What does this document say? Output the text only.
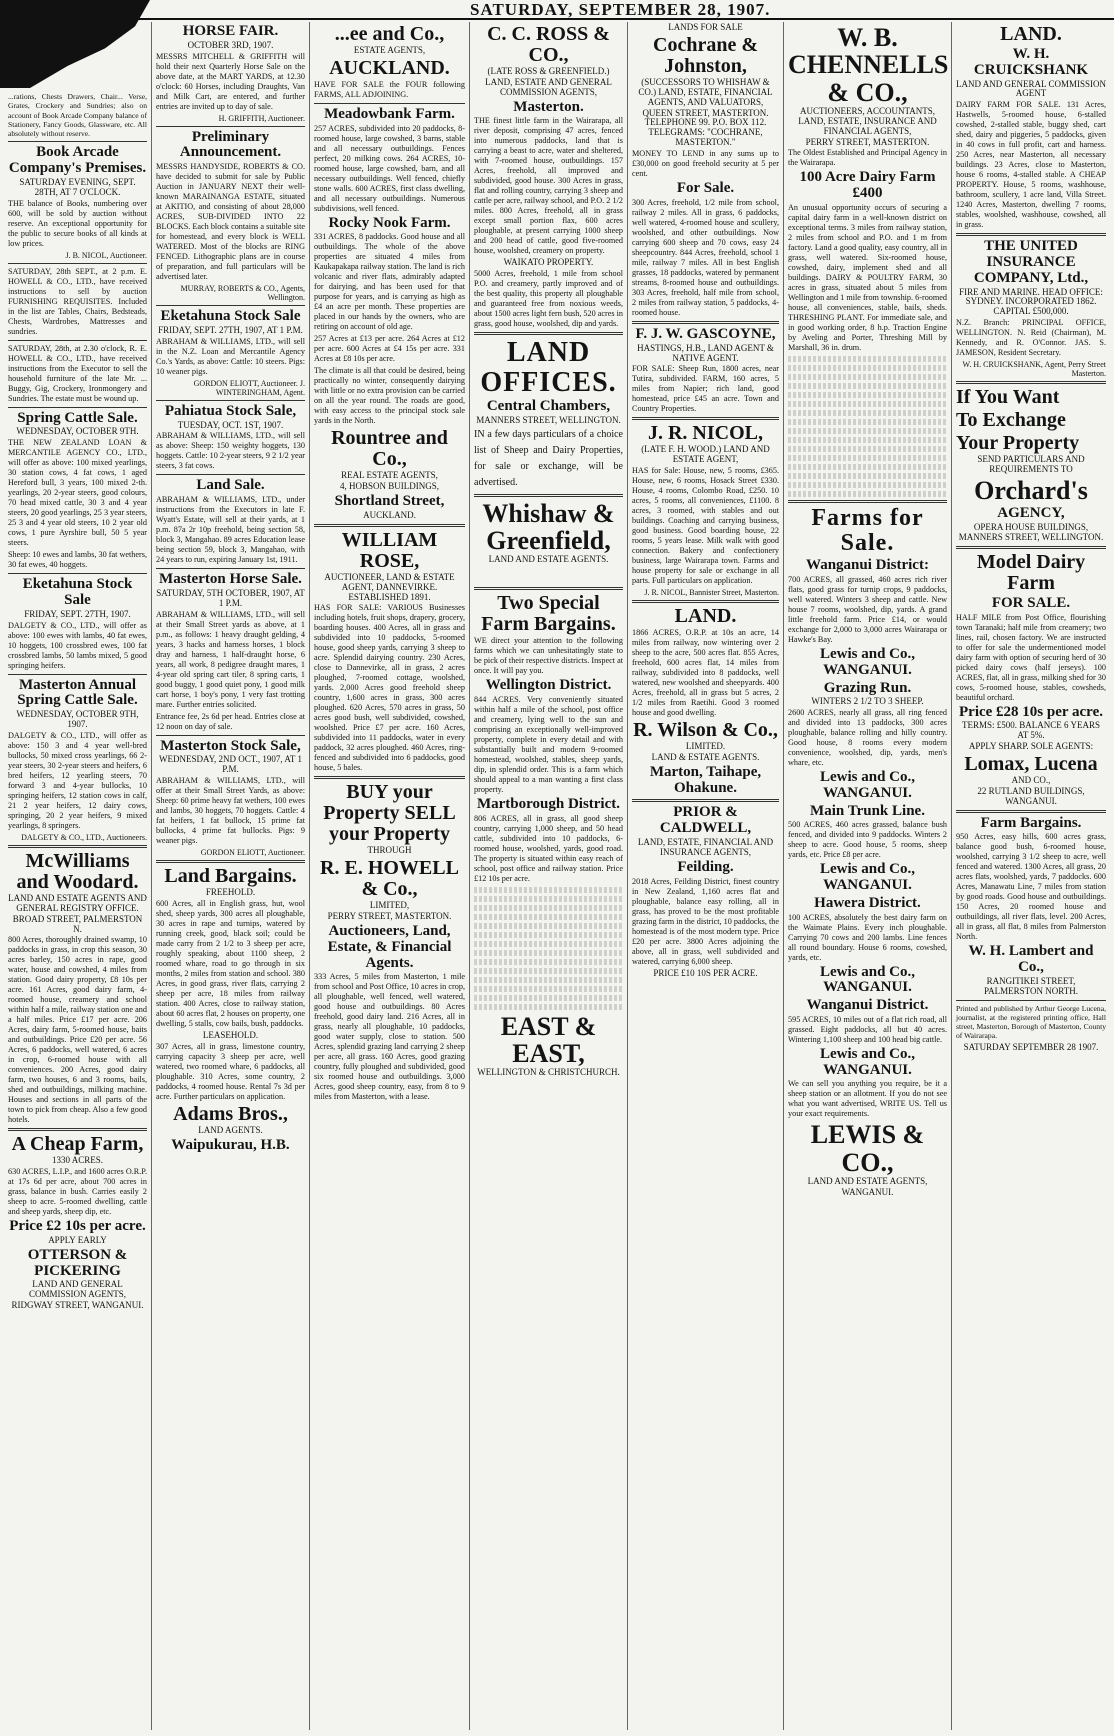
SATURDAY, SEPTEMBER 28, 1907.

...rations, Chests Drawers, Chair... Verse, Grates, Crockery and Sundries; also on account of Book Arcade Company balance of Stationery, Fancy Goods, Glassware, etc. All absolutely without reserve.

Book Arcade Company's Premises.
SATURDAY EVENING, SEPT. 28TH, AT 7 O'CLOCK.

THE balance of Books, numbering over 600, will be sold by auction without reserve. An exceptional opportunity for the public to secure books of all kinds at low prices.

J. B. NICOL, Auctioneer.

SATURDAY, 28th SEPT., at 2 p.m. E. HOWELL & CO., LTD., have received instructions to sell by auction FURNISHING REQUISITES. Included in the list are Tables, Chairs, Bedsteads, Chests, Wardrobes, Mattresses and sundries.

SATURDAY, 28th, at 2.30 o'clock, R. E. HOWELL & CO., LTD., have received instructions from the Executor to sell the household furniture of the late Mr. ... Buggy, Gig, Crockery, Ironmongery and Sundries. The estate must be wound up.

Spring Cattle Sale.
WEDNESDAY, OCTOBER 9TH.

THE NEW ZEALAND LOAN & MERCANTILE AGENCY CO., LTD., will offer as above: 100 mixed yearlings, 30 station cows, 4 fat cows, 1 aged Hereford bull, 3 years, 100 mixed 2-th. yearlings, 20 2-year steers, good colours, 70 head mixed cattle, 30 3 and 4 year steers, 20 good yearlings, 25 3 year steers, 25 3 and 4 year old steers, 10 2 year old cows, 1 pure Ayrshire bull, 50 5 year steers.

Sheep: 10 ewes and lambs, 30 fat wethers, 30 fat ewes, 40 hoggets.

Eketahuna Stock Sale
FRIDAY, SEPT. 27TH, 1907.

DALGETY & CO., LTD., will offer as above: 100 ewes with lambs, 40 fat ewes, 10 hoggets, 100 crossbred ewes, 100 fat crossbred lambs, 50 lambs mixed, 5 good springing heifers.

Masterton Annual Spring Cattle Sale.
WEDNESDAY, OCTOBER 9TH, 1907.

DALGETY & CO., LTD., will offer as above: 150 3 and 4 year well-bred bullocks, 50 mixed cross yearlings, 66 2-year steers, 30 2-year steers and heifers, 6 bred heifers, 12 yearling steers, 70 forward 3 and 4-year bullocks, 10 springing heifers, 12 station cows in calf, 21 2 year heifers, 12 dairy cows, springing, 20 2 year heifers, 9 mixed yearlings, 8 springers.

DALGETY & CO., LTD., Auctioneers.
McWilliams and Woodard.
LAND AND ESTATE AGENTS AND GENERAL REGISTRY OFFICE.
BROAD STREET, PALMERSTON N.

800 Acres, thoroughly drained swamp, 10 paddocks in grass, in crop this season, 30 acres barley, 150 acres in rape, good water, house and cowshed, 4 miles from station. Good dairy property, £8 10s per acre. 161 Acres, good dairy farm, 4-roomed house, creamery and school within half a mile, railway station one and a half miles. Price £17 per acre. 206 Acres, dairy farm, 5-roomed house, baits and outbuildings. Price £20 per acre. 56 Acres, 6 paddocks, well watered, 6 acres in crop, 6-roomed house with all conveniences. 200 Acres, good dairy farm, two houses, 6 and 3 rooms, bails, shed and outbuildings, milking machine. Houses and sections in all parts of the town to pick from cheap. Also a few good hotels.

A Cheap Farm,
1330 ACRES.

630 ACRES, L.I.P., and 1600 acres O.R.P. at 17s 6d per acre, about 700 acres in grass, balance in bush. Carries easily 2 sheep to acre. 5-roomed dwelling, cattle and sheep yards, sheep dip, etc.

Price £2 10s per acre.
APPLY EARLY
OTTERSON & PICKERING
LAND AND GENERAL COMMISSION AGENTS,
RIDGWAY STREET, WANGANUI.
HORSE FAIR.
OCTOBER 3RD, 1907.

MESSRS MITCHELL & GRIFFITH will hold their next Quarterly Horse Sale on the above date, at the MART YARDS, at 12.30 o'clock: 60 Horses, including Draughts, Van and Milk Cart, are entered, and further entries are invited up to day of sale.

H. GRIFFITH, Auctioneer.
Preliminary Announcement.

MESSRS HANDYSIDE, ROBERTS & CO. have decided to submit for sale by Public Auction in JANUARY NEXT their well-known MARAINANGA ESTATE, situated at AKITIO, and consisting of about 28,000 ACRES, SUB-DIVIDED INTO 22 BLOCKS. Each block contains a suitable site for homestead, and every block is WELL WATERED. Most of the blocks are RING FENCED. Lithographic plans are in course of preparation, and full particulars will be advertised later.

MURRAY, ROBERTS & CO., Agents, Wellington.
Eketahuna Stock Sale
FRIDAY, SEPT. 27TH, 1907, AT 1 P.M.

ABRAHAM & WILLIAMS, LTD., will sell in the N.Z. Loan and Mercantile Agency Co.'s Yards, as above: Cattle: 10 steers. Pigs: 10 weaner pigs.

GORDON ELIOTT, Auctioneer. J. WINTERINGHAM, Agent.
Pahiatua Stock Sale,
TUESDAY, OCT. 1ST, 1907.

ABRAHAM & WILLIAMS, LTD., will sell as above: Sheep: 150 weighty hoggets, 130 hoggets. Cattle: 10 2-year steers, 9 2 1/2 year steers, 3 fat cows.

Land Sale.

ABRAHAM & WILLIAMS, LTD., under instructions from the Executors in late F. Wyatt's Estate, will sell at their yards, at 1 p.m. 87a 2r 10p freehold, being section 58, block 3, Mangahao. 89 acres Education lease being section 59, block 3, Mangahao, with 24 years to run, expiring January 1st, 1911.

Masterton Horse Sale.
SATURDAY, 5TH OCTOBER, 1907, AT 1 P.M.

ABRAHAM & WILLIAMS, LTD., will sell at their Small Street yards as above, at 1 p.m., as follows: 1 heavy draught gelding, 4 years, 3 hacks and harness horses, 1 block dray and harness, 1 half-draught horse, 6 years, all work, 8 pedigree draught mares, 1 4-year old spring cart tiler, 8 spring carts, 1 good buggy, 1 good quiet pony, 1 good milk cart horse, 1 boy's pony, 1 very fast trotting mare. Further entries solicited.

Entrance fee, 2s 6d per head. Entries close at 12 noon on day of sale.

Masterton Stock Sale,
WEDNESDAY, 2ND OCT., 1907, AT 1 P.M.

ABRAHAM & WILLIAMS, LTD., will offer at their Small Street Yards, as above: Sheep: 60 prime heavy fat wethers, 100 ewes and lambs, 30 hoggets, 70 hoggets. Cattle: 4 fat heifers, 1 fat bullock, 15 prime fat bullocks, 4 prime fat bullocks. Pigs: 9 weaner pigs.

GORDON ELIOTT, Auctioneer.
Land Bargains.
FREEHOLD.

600 Acres, all in English grass, hut, wool shed, sheep yards, 300 acres all ploughable, 30 acres in rape and turnips, watered by running creek, good, black soil; could be made carry from 2 1/2 to 3 sheep per acre, roughly speaking, about 1100 sheep, 2 roomed whare, road to go through in six months, 2 miles from station and school. 380 Acres, in good grass, river flats, carrying 2 sheep per acre, 18 miles from railway station. 400 Acres, close to railway station, about 60 acres flat, 2 houses on property, one dwelling, 5 stalls, cow bails, bush, paddocks.

LEASEHOLD.

307 Acres, all in grass, limestone country, carrying capacity 3 sheep per acre, well watered, two roomed whare, 6 paddocks, all ploughable. 310 Acres, some country, 2 paddocks, 4 roomed house. Rental 7s 3d per acre. Further particulars on application.

Adams Bros.,
LAND AGENTS.
Waipukurau, H.B.
...ee and Co.,
ESTATE AGENTS,
AUCKLAND.

HAVE FOR SALE the FOUR following FARMS, ALL ADJOINING.

Meadowbank Farm.

257 ACRES, subdivided into 20 paddocks, 8-roomed house, large cowshed, 3 barns, stable and all necessary outbuildings. Fences perfect, 20 milking cows. 264 ACRES, 10-roomed house, large cowshed, barn, and all necessary outbuildings. Well fenced, chiefly stone walls. 600 ACRES, first class dwelling, and all necessary outbuildings. Numerous subdivisions, well fenced.

Rocky Nook Farm.

331 ACRES, 8 paddocks. Good house and all outbuildings. The whole of the above properties are situated 4 miles from Kaukapakapa railway station. The land is rich volcanic and river flats, admirably adapted for dairying, and has been used for that purpose for years, and is carrying as high as £4 an acre per month. These properties are placed in our hands by the owners, who are retiring on account of old age.

257 Acres at £13 per acre. 264 Acres at £12 per acre. 600 Acres at £4 15s per acre. 331 Acres at £8 10s per acre.

The climate is all that could be desired, being practically no winter, consequently dairying with little or no extra provision can be carried on all the year round. The roads are good, with easy access to the principal stock sale yards in the North.

Rountree and Co.,
REAL ESTATE AGENTS,
4, HOBSON BUILDINGS,
Shortland Street,
AUCKLAND.
WILLIAM ROSE,
AUCTIONEER, LAND & ESTATE AGENT, DANNEVIRKE. ESTABLISHED 1891.

HAS FOR SALE: VARIOUS Businesses including hotels, fruit shops, drapery, grocery, boarding houses. 400 Acres, all in grass and subdivided into 10 paddocks, 5-roomed house, good sheep yards, carrying 3 sheep to acre. Splendid dairying country. 230 Acres, close to Dannevirke, all in grass, 2 acres ploughed, 7-roomed cottage, woolshed, yards. 2,000 Acres good freehold sheep country, 1,600 acres in grass, 300 acres ploughed. 620 Acres, 570 acres in grass, 50 acres good bush, well subdivided, cowshed, woolshed. Price £7 per acre. 160 Acres, subdivided into 11 paddocks, water in every paddock, 32 acres ploughed. 460 Acres, ring-fenced and subdivided into 6 paddocks, good house, 5 bales.

BUY your Property SELL your Property
THROUGH
R. E. HOWELL & Co.,
LIMITED,
PERRY STREET, MASTERTON.
Auctioneers, Land, Estate, & Financial Agents.

333 Acres, 5 miles from Masterton, 1 mile from school and Post Office, 10 acres in crop, all ploughable, well fenced, well watered, good house and outbuildings. 80 Acres freehold, good dairy land. 216 Acres, all in grass, nearly all ploughable, 10 paddocks, good water supply, close to station. 500 Acres, splendid grazing land carrying 2 sheep per acre, all grass. 160 Acres, good grazing country, fully ploughed and subdivided, good six roomed house and outbuildings. 3,000 Acres, good sheep country, easy, from 8 to 9 miles from Masterton, with a lease.

C. C. ROSS & CO.,
(LATE ROSS & GREENFIELD.)
LAND, ESTATE AND GENERAL COMMISSION AGENTS,
Masterton.

THE finest little farm in the Wairarapa, all river deposit, comprising 47 acres, fenced into numerous paddocks, land that is carrying a beast to acre, water and sheltered, with 7-roomed house, outbuildings. 157 Acres, freehold, all improved and subdivided, good house. 300 Acres in grass, flat and rolling country, carrying 3 sheep and cattle per acre, railway school, and P.O. 2 1/2 miles. 800 Acres, freehold, all in grass except small portion flax, 600 acres ploughable, at present carrying 1000 sheep and 200 head of cattle, good five-roomed house, woolshed, creamery on property.

WAIKATO PROPERTY.

5000 Acres, freehold, 1 mile from school P.O. and creamery, partly improved and of the best quality, this property all ploughable and guaranteed free from noxious weeds, about 1500 acres light fern bush, 520 acres in grass, good house, woolshed, dip and yards.

LAND OFFICES.
Central Chambers,
MANNERS STREET, WELLINGTON.

IN a few days particulars of a choice list of Sheep and Dairy Properties, for sale or exchange, will be advertised.

Whishaw & Greenfield,
LAND AND ESTATE AGENTS.
Two Special Farm Bargains.

WE direct your attention to the following farms which we can unhesitatingly state to be pick of their respective districts. Inspect at once. It will pay you.

Wellington District.

844 ACRES. Very conveniently situated within half a mile of the school, post office and creamery, lying well to the sun and comprising an exceptionally well-improved property, complete in every detail and with substantially built and modern 9-roomed homestead, woolshed, stables, sheep yards, dip, in splendid order. This is a farm which should appeal to a man wanting a first class property.

Martborough District.

806 ACRES, all in grass, all good sheep country, carrying 1,000 sheep, and 50 head cattle, subdivided into 10 paddocks, 6-roomed house, woolshed, yards, good road. The property is situated within easy reach of school, post office and railway station. Price £12 10s per acre.

EAST & EAST,
WELLINGTON & CHRISTCHURCH.
LANDS FOR SALE
Cochrane & Johnston,
(SUCCESSORS TO WHISHAW & CO.) LAND, ESTATE, FINANCIAL AGENTS, AND VALUATORS,
QUEEN STREET, MASTERTON. TELEPHONE 99. P.O. BOX 112. TELEGRAMS: "COCHRANE, MASTERTON."

MONEY TO LEND in any sums up to £30,000 on good freehold security at 5 per cent.

For Sale.

300 Acres, freehold, 1/2 mile from school, railway 2 miles. All in grass, 6 paddocks, well watered, 4-roomed house and scullery, woolshed, and other outbuildings. Now carrying 600 sheep and 70 cows, easy 24 sheepcountry. 844 Acres, freehold, school 1 mile, railway 7 miles. All in best English grasses, 18 paddocks, watered by permanent streams, 8-roomed house and outbuildings. 303 Acres, freehold, half mile from school, 2 miles from railway station, 5 paddocks, 4-roomed house.

F. J. W. GASCOYNE,
HASTINGS, H.B., LAND AGENT & NATIVE AGENT.

FOR SALE: Sheep Run, 1800 acres, near Tutira, subdivided. FARM, 160 acres, 5 miles from Napier; rich land, good homestead, price £45 an acre. Town and Country Properties.

J. R. NICOL,
(LATE F. H. WOOD.) LAND AND ESTATE AGENT,

HAS for Sale: House, new, 5 rooms, £365. House, new, 6 rooms, Hosack Street £330. House, 4 rooms, Colombo Road, £250. 10 acres, 5 rooms, all conveniences, £1100. 8 acres, 3 roomed, with stables and out buildings. Coaching and carrying business, good business. Good boarding house, 22 rooms, 5 years lease. Milk walk with good connection. Bakery and confectionery business, large Wairarapa town. Farms and house property for sale or exchange in all parts. Full particulars on application.

J. R. NICOL, Bannister Street, Masterton.
LAND.

1866 ACRES, O.R.P. at 10s an acre, 14 miles from railway, now wintering over 2 sheep to the acre, 500 acres flat. 855 Acres, freehold, 600 acres flat, 14 miles from railway, subdivided into 8 paddocks, well watered, new woolshed and sheepyards. 400 Acres, freehold, all in grass but 5 acres, 2 1/2 miles from Raetihi. Good 3 roomed house and good dwelling.

R. Wilson & Co.,
LIMITED.
LAND & ESTATE AGENTS.
Marton, Taihape, Ohakune.
PRIOR & CALDWELL,
LAND, ESTATE, FINANCIAL AND INSURANCE AGENTS,
Feilding.

2018 Acres, Feilding District, finest country in New Zealand, 1,160 acres flat and ploughable, balance easy rolling, all in grass, has proved to be the most profitable grazing farm in the district, 10 paddocks, the homestead is of the most modern type. Price £20 per acre. 3800 Acres adjoining the above, all in grass, well subdivided and watered, carrying 6,000 sheep.

PRICE £10 10S PER ACRE.
W. B. CHENNELLS & CO.,
AUCTIONEERS, ACCOUNTANTS, LAND, ESTATE, INSURANCE AND FINANCIAL AGENTS,
PERRY STREET, MASTERTON.

The Oldest Established and Principal Agency in the Wairarapa.

100 Acre Dairy Farm £400

An unusual opportunity occurs of securing a capital dairy farm in a well-known district on exceptional terms. 3 miles from railway station, 2 miles from school and P.O. and 1 m from factory. Land a good quality, easy country, all in grass, well watered. Six-roomed house, cowshed, dairy, implement shed and all buildings. DAIRY & POULTRY FARM, 30 acres in grass, situated about 5 miles from Wellington and 1 mile from township. 6-roomed house, all conveniences, stable, bails, sheds. THRESHING PLANT. For immediate sale, and in good working order, 8 h.p. Traction Engine by Aveling and Porter, Threshing Mill by Marshall, 36 in. drum.

Farms for Sale.
Wanganui District:

700 ACRES, all grassed, 460 acres rich river flats, good grass for turnip crops, 9 paddocks, well watered. Winters 3 sheep and cattle. New house 7 rooms, woolshed, dip, yards. A grand little freehold farm. Price £14, or would exchange for 2,000 to 3,000 acres Wairarapa or Hawke's Bay.

Lewis and Co., WANGANUI.
Grazing Run.
WINTERS 2 1/2 TO 3 SHEEP.

2600 ACRES, nearly all grass, all ring fenced and divided into 13 paddocks, 300 acres ploughable, balance rolling and hilly country. Good house, 8 rooms every modern convenience, woolshed, dip, yards, men's whare, etc.

Lewis and Co., WANGANUI.
Main Trunk Line.

500 ACRES, 460 acres grassed, balance bush fenced, and divided into 9 paddocks. Winters 2 sheep to acre. Good house, 5 rooms, sheep yards, etc. Price £8 per acre.

Lewis and Co., WANGANUI.
Hawera District.

100 ACRES, absolutely the best dairy farm on the Waimate Plains. Every inch ploughable. Carrying 70 cows and 200 lambs. Line fences all round boundary. House 6 rooms, cowshed, yards, etc.

Lewis and Co., WANGANUI.
Wanganui District.

595 ACRES, 10 miles out of a flat rich road, all grassed. Eight paddocks, all but 40 acres. Wintering 1,100 sheep and 100 head big cattle.

Lewis and Co., WANGANUI.

We can sell you anything you require, be it a sheep station or an allotment. If you do not see what you want advertised, WRITE US. Tell us your exact requirements.

LEWIS & CO.,
LAND AND ESTATE AGENTS,
WANGANUI.
LAND.
W. H. CRUICKSHANK
LAND AND GENERAL COMMISSION AGENT

DAIRY FARM FOR SALE. 131 Acres, Hastwells, 5-roomed house, 6-stalled cowshed, 2-stalled stable, buggy shed, cart shed, dairy and piggeries, 5 paddocks, given in 40 cows in full profit, cart and harness. 250 Acres, near Masterton, all necessary buildings. 23 Acres, close to Masterton, house 6 rooms, 4-stalled stable. A CHEAP PROPERTY. House, 5 rooms, washhouse, bathroom, scullery, 1 acre land, Villa Street. 1240 Acres, Masterton, dwelling 7 rooms, stables, woolshed, washhouse, cowshed, all in grass.

THE UNITED INSURANCE COMPANY, Ltd.,
FIRE AND MARINE. HEAD OFFICE: SYDNEY. INCORPORATED 1862. CAPITAL £500,000.

N.Z. Branch: PRINCIPAL OFFICE, WELLINGTON. N. Reid (Chairman), M. Kennedy, and R. O'Connor. JAS. S. JAMESON, Resident Secretary.

W. H. CRUICKSHANK, Agent, Perry Street Masterton.
If You Want
To Exchange
Your Property
SEND PARTICULARS AND REQUIREMENTS TO
Orchard's
AGENCY,
OPERA HOUSE BUILDINGS, MANNERS STREET, WELLINGTON.
Model Dairy Farm
FOR SALE.

HALF MILE from Post Office, flourishing town Taranaki; half mile from creamery; two lines, rail, chosen factory. We are instructed to offer for sale the undermentioned model dairy farm with option of securing herd of 30 picked dairy cows (half jerseys). 100 ACRES, flat, all in grass, milking shed for 30 cows, 5-roomed house, stables, cowsheds, beautiful orchard.

Price £28 10s per acre.
TERMS: £500. BALANCE 6 YEARS AT 5%.
APPLY SHARP. SOLE AGENTS:
Lomax, Lucena
AND CO.,
22 RUTLAND BUILDINGS, WANGANUI.
Farm Bargains.

950 Acres, easy hills, 600 acres grass, balance good bush, 6-roomed house, woolshed, carrying 3 1/2 sheep to acre, well fenced and watered. 1300 Acres, all grass, 20 acres flats, woolshed, yards, 7 paddocks. 600 Acres, Manawatu Line, 7 miles from station by good roads. Good house and outbuildings. 150 Acres, 20 roomed house and outbuildings, all river flats, level. 200 Acres, all in grass, all flat, 8 miles from Palmerston North.

W. H. Lambert and Co.,
RANGITIKEI STREET, PALMERSTON NORTH.

Printed and published by Arthur George Lucena, journalist, at the registered printing office, Hall street, Masterton, Borough of Masterton, County of Wairarapa.

SATURDAY SEPTEMBER 28 1907.
